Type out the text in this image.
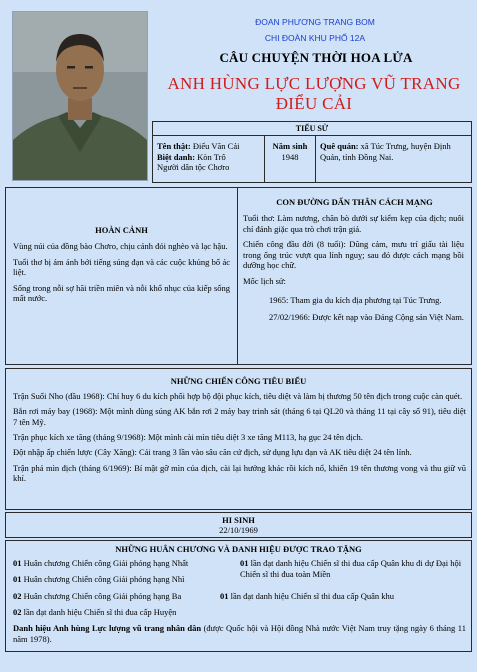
ĐOAN PHƯƠNG TRANG BOM
CHI ĐOÀN KHU PHỐ 12A
CÂU CHUYỆN THỜI HOA LỬA
ANH HÙNG LỰC LƯỢNG VŨ TRANG ĐIỂU CẢI
TIỂU SỬ
Tên thật: Điểu Văn Cải
Biệt danh: Kòn Trô
Người dân tộc Chơro
Năm sinh
1948
Quê quán: xã Túc Trưng, huyện Định Quán, tỉnh Đồng Nai.
HOÀN CẢNH

Vùng núi của đồng bào Chơro, chịu cảnh đói nghèo và lạc hậu.

Tuổi thơ bị ám ảnh bởi tiếng súng đạn và các cuộc khủng bố ác liệt.

Sống trong nỗi sợ hãi triền miên và nỗi khổ nhục của kiếp sống mất nước.

CON ĐƯỜNG DẤN THÂN CÁCH MẠNG

Tuổi thơ: Làm nương, chăn bò dưới sự kiểm kẹp của địch; nuôi chí đánh giặc qua trò chơi trận giả.

Chiến công đầu đời (8 tuổi): Dũng cảm, mưu trí giấu tài liệu trong ống trúc vượt qua lính nguỵ; sau đó được cách mạng bồi dưỡng học chữ.

Mốc lịch sử:

1965: Tham gia du kích địa phương tại Túc Trưng.

27/02/1966: Được kết nạp vào Đảng Cộng sản Việt Nam.

NHỮNG CHIẾN CÔNG TIÊU BIỂU

Trận Suối Nho (đầu 1968): Chỉ huy 6 du kích phối hợp bộ đội phục kích, tiêu diệt và làm bị thương 50 tên địch trong cuộc càn quét.

Bắn rơi máy bay (1968): Một mình dùng súng AK bắn rơi 2 máy bay trinh sát (tháng 6 tại QL20 và tháng 11 tại cây số 91), tiêu diệt 7 tên Mỹ.

Trận phục kích xe tăng (tháng 9/1968): Một mình cài mìn tiêu diệt 3 xe tăng M113, hạ gục 24 tên địch.

Đột nhập ấp chiến lược (Cây Xăng): Cải trang 3 lần vào sâu căn cứ địch, sử dụng lựu đạn và AK tiêu diệt 24 tên lính.

Trận phá mìn địch (tháng 6/1969): Bí mật gỡ mìn của địch, cài lại hướng khác rồi kích nổ, khiến 19 tên thương vong và thu giữ vũ khí.

HI SINH
22/10/1969
NHỮNG HUÂN CHƯƠNG VÀ DANH HIỆU ĐƯỢC TRAO TẶNG
01 Huân chương Chiến công Giải phóng hạng Nhất	01 lần đạt danh hiệu Chiến sĩ thi đua cấp Quân khu đi dự Đại hội Chiến sĩ thi đua toàn Miền
01 Huân chương Chiến công Giải phóng hạng Nhì
02 Huân chương Chiến công Giải phóng hạng Ba	01 lần đạt danh hiệu Chiến sĩ thi đua cấp Quân khu
02 lần đạt danh hiệu Chiến sĩ thi đua cấp Huyện
Danh hiệu Anh hùng Lực lượng vũ trang nhân dân (được Quốc hội và Hội đồng Nhà nước Việt Nam truy tặng ngày 6 tháng 11 năm 1978).
